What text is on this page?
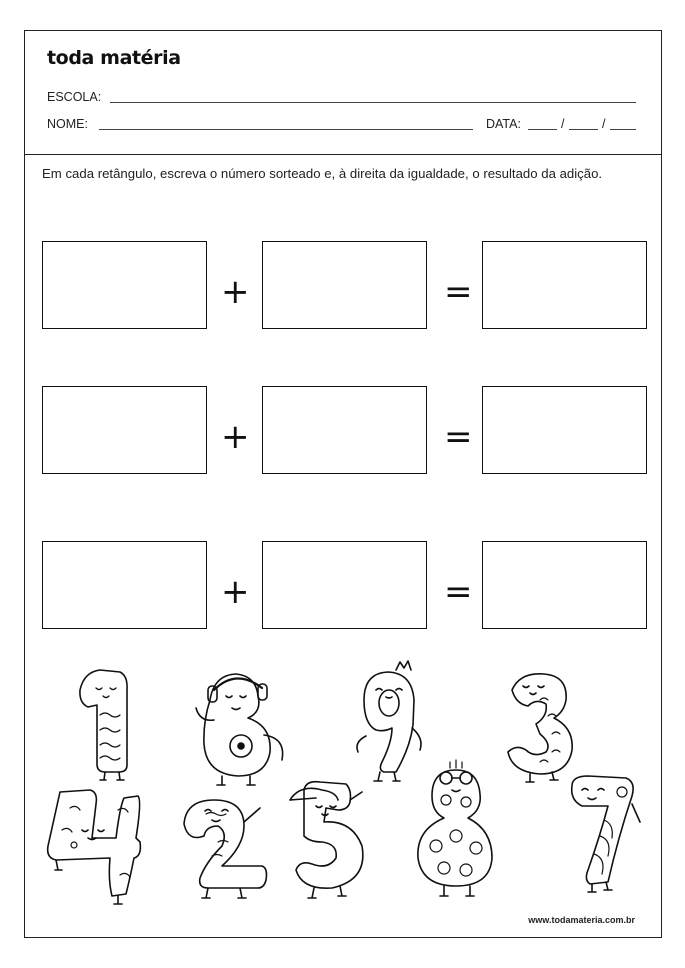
toda matéria
ESCOLA:
NOME:	DATA:	/	/
Em cada retângulo, escreva o número sorteado e, à direita da igualdade, o resultado da adição.
+	=
+	=
+	=
www.todamateria.com.br
